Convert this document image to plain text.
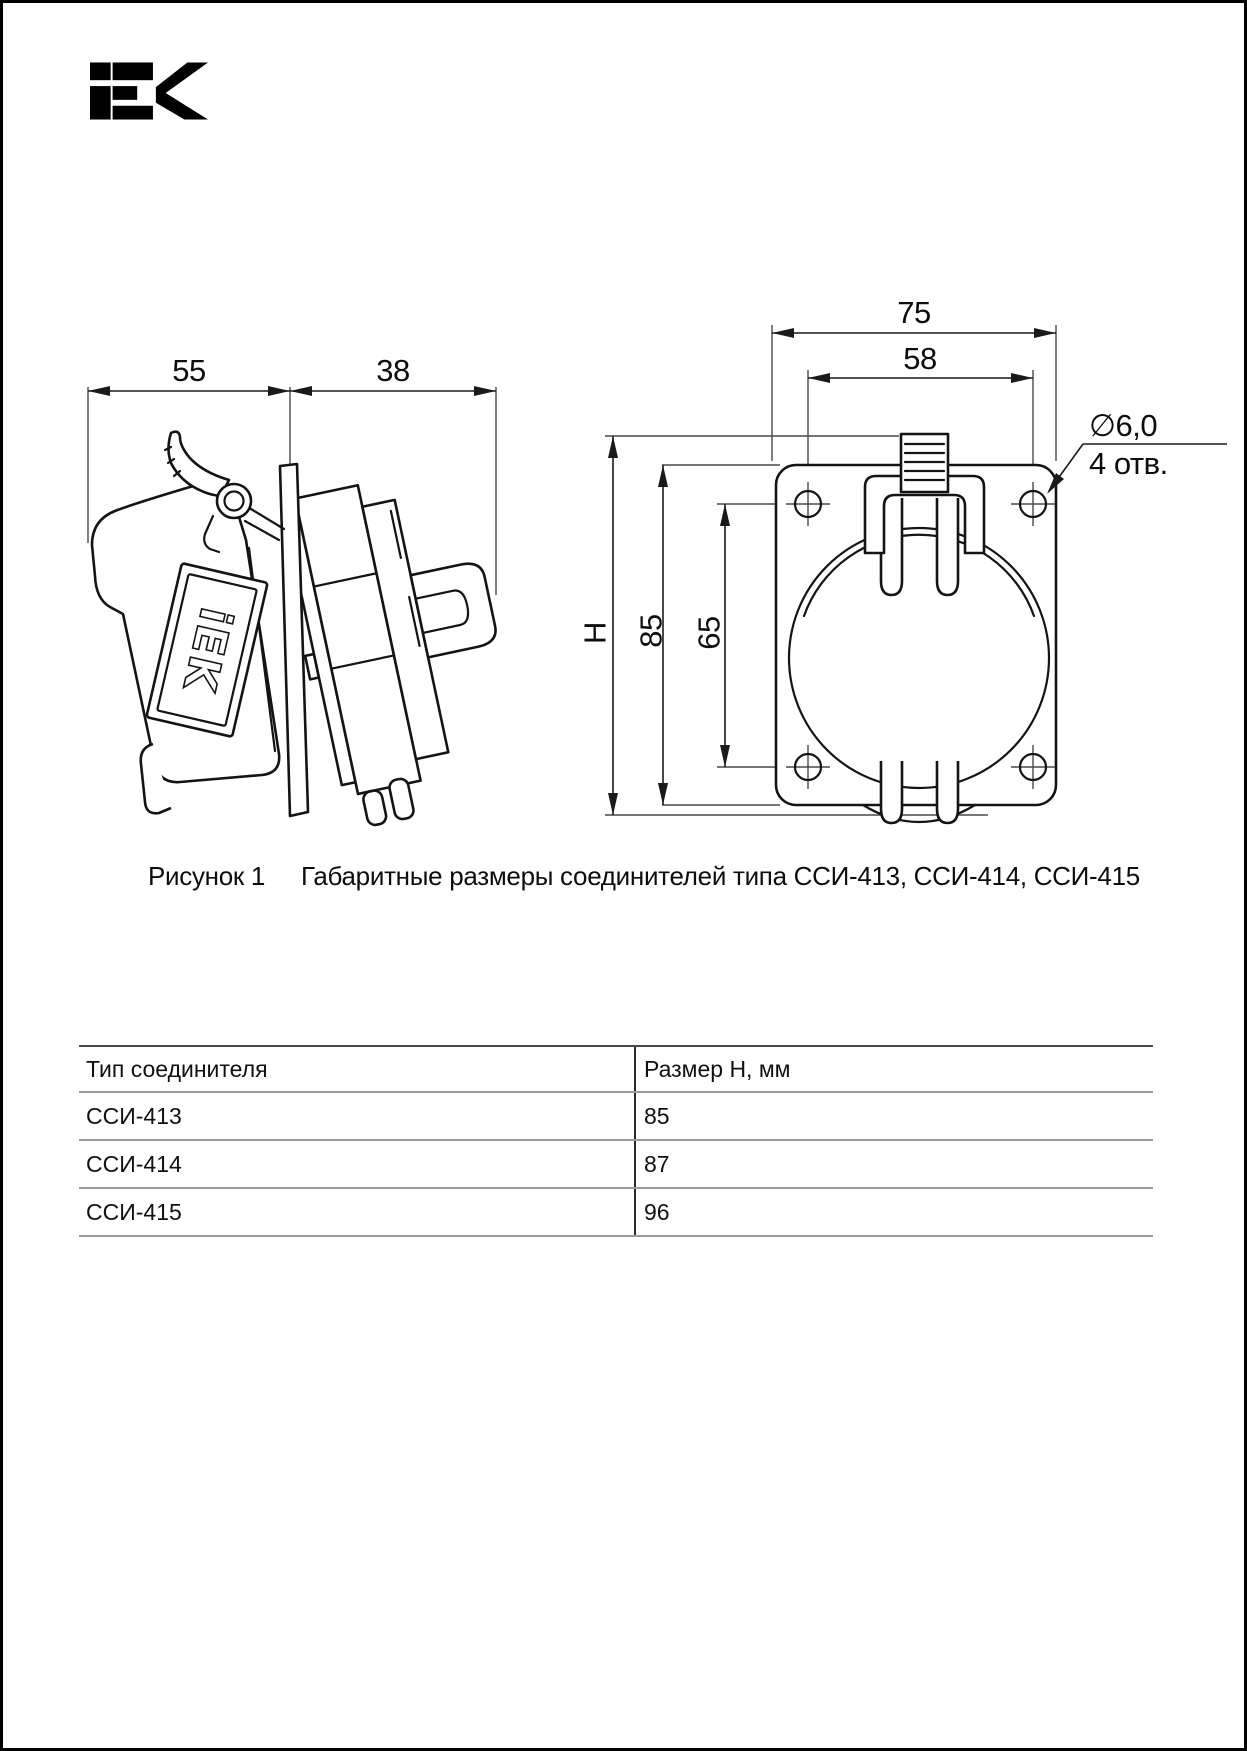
55	38
iEK
75
58
H 85 65
∅6,0
4 отв.
Рисунок 1 Габаритные размеры соединителей типа ССИ-413, ССИ-414, ССИ-415
Тип соединителя	Размер Н, мм
ССИ-413	85
ССИ-414	87
ССИ-415	96
